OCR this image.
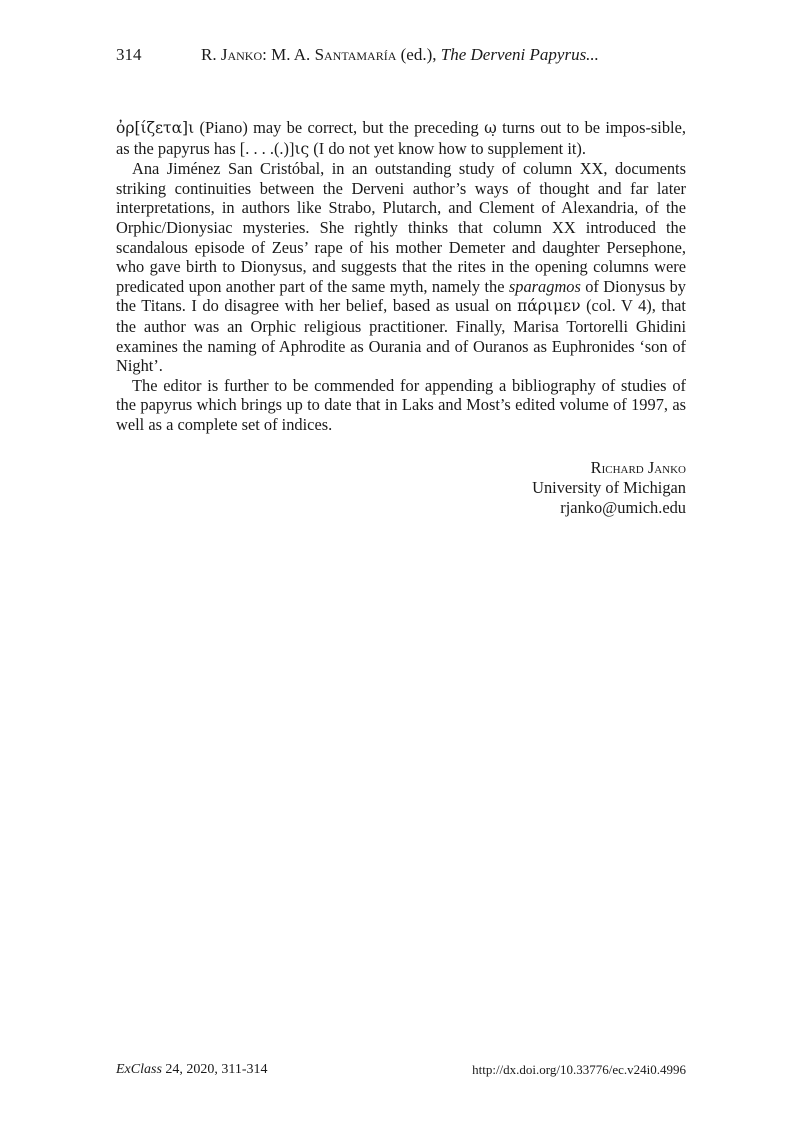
314	R. Janko: M. A. Santamaría (ed.), The Derveni Papyrus...

ὀρ[ίζετα]ι (Piano) may be correct, but the preceding ω̣ turns out to be impos-sible, as the papyrus has [. . . .(.)]ις (I do not yet know how to supplement it).

Ana Jiménez San Cristóbal, in an outstanding study of column XX, documents striking continuities between the Derveni author’s ways of thought and far later interpretations, in authors like Strabo, Plutarch, and Clement of Alexandria, of the Orphic/Dionysiac mysteries. She rightly thinks that column XX introduced the scandalous episode of Zeus’ rape of his mother Demeter and daughter Persephone, who gave birth to Dionysus, and suggests that the rites in the opening columns were predicated upon another part of the same myth, namely the sparagmos of Dionysus by the Titans. I do disagree with her belief, based as usual on πάριμεν (col. V 4), that the author was an Orphic religious practitioner. Finally, Marisa Tortorelli Ghidini examines the naming of Aphrodite as Ourania and of Ouranos as Euphronides ‘son of Night’.

The editor is further to be commended for appending a bibliography of studies of the papyrus which brings up to date that in Laks and Most’s edited volume of 1997, as well as a complete set of indices.

Richard Janko
University of Michigan
rjanko@umich.edu
ExClass 24, 2020, 311-314	http://dx.doi.org/10.33776/ec.v24i0.4996
